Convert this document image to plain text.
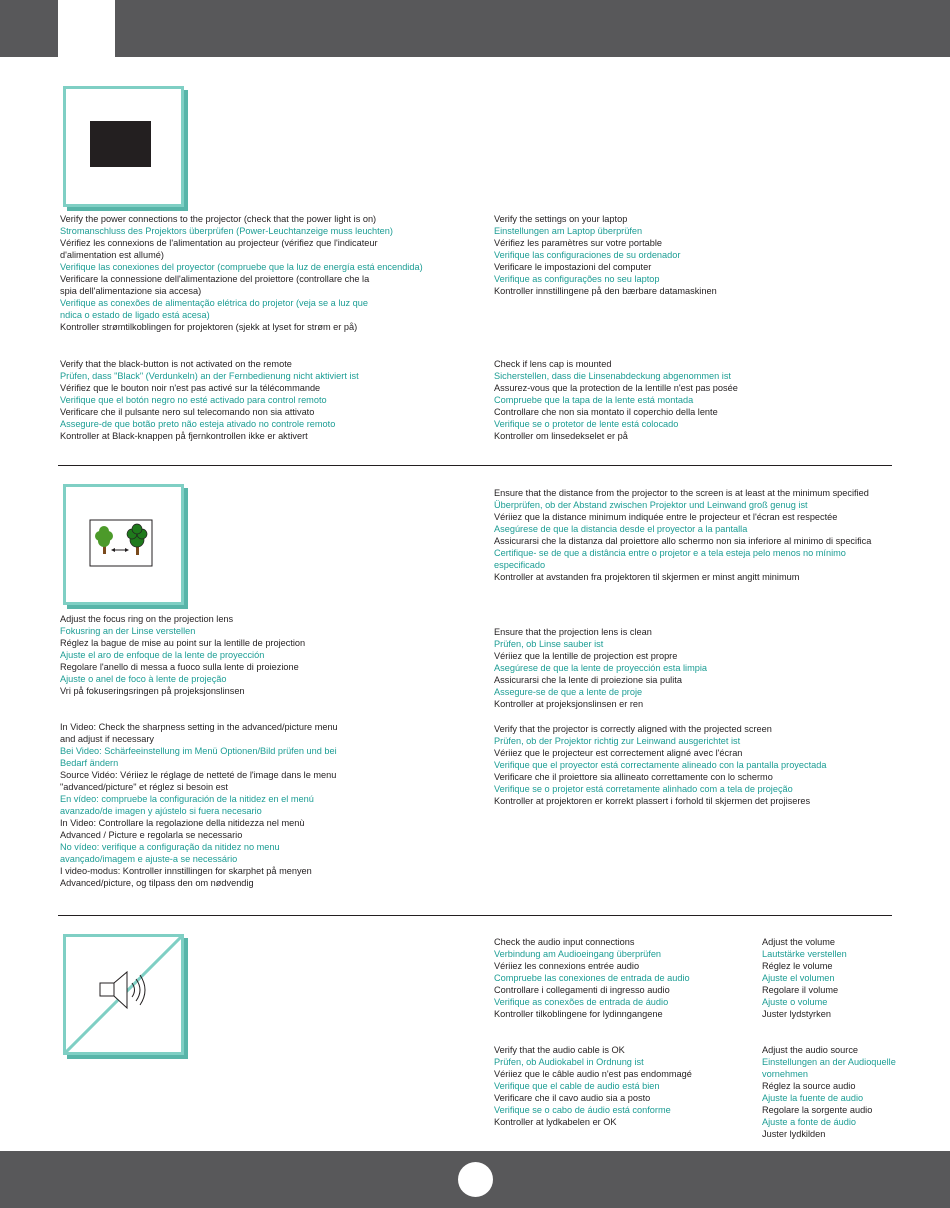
Verify the power connections to the projector (check that the power light is on)
Stromanschluss des Projektors überprüfen (Power-Leuchtanzeige muss leuchten)
Vérifiez les connexions de l'alimentation au projecteur (vérifiez que l'indicateur
d'alimentation est allumé)
Verifique las conexiones del proyector (compruebe que la luz de energía está encendida)
Verificare la connessione dell'alimentazione del proiettore (controllare che la
spia dell'alimentazione sia accesa)
Verifique as conexões de alimentação elétrica do projetor (veja se a luz que
ndica o estado de ligado está acesa)
Kontroller strømtilkoblingen for projektoren (sjekk at lyset for strøm er på)
Verify the settings on your laptop
Einstellungen am Laptop überprüfen
Vérifiez les paramètres sur votre portable
Verifique las configuraciones de su ordenador
Verificare le impostazioni del computer
Verifique as configurações no seu laptop
Kontroller innstillingene på den bærbare datamaskinen
Verify that the black-button is not activated on the remote
Prüfen, dass "Black" (Verdunkeln) an der Fernbedienung nicht aktiviert ist
Vérifiez que le bouton noir n'est pas activé sur la télécommande
Verifique que el botón negro no esté activado para control remoto
Verificare che il pulsante nero sul telecomando non sia attivato
Assegure-de que botão preto não esteja ativado no controle remoto
Kontroller at Black-knappen på fjernkontrollen ikke er aktivert
Check if lens cap is mounted
Sicherstellen, dass die Linsenabdeckung abgenommen ist
Assurez-vous que la protection de la lentille n'est pas posée
Compruebe que la tapa de la lente está montada
Controllare che non sia montato il coperchio della lente
Verifique se o protetor de lente está colocado
Kontroller om linsedekselet er på
Ensure that the distance from the projector to the screen is at least at the minimum specified
Überprüfen, ob der Abstand zwischen Projektor und Leinwand groß genug ist
Vériiez que la distance minimum indiquée entre le projecteur et l'écran est respectée
Asegúrese de que la distancia desde el proyector a la pantalla
Assicurarsi che la distanza dal proiettore allo schermo non sia inferiore al minimo di specifica
Certifique- se de que a distância entre o projetor e a tela esteja pelo menos no mínimo
especificado
Kontroller at avstanden fra projektoren til skjermen er minst angitt minimum
Adjust the focus ring on the projection lens
Fokusring an der Linse verstellen
Réglez la bague de mise au point sur la lentille de projection
Ajuste el aro de enfoque de la lente de proyección
Regolare l'anello di messa a fuoco sulla lente di proiezione
Ajuste o anel de foco à lente de projeção
Vri på fokuseringsringen på projeksjonslinsen
Ensure that the projection lens is clean
Prüfen, ob Linse sauber ist
Vériiez que la lentille de projection est propre
Asegúrese de que la lente de proyección esta limpia
Assicurarsi che la lente di proiezione sia pulita
Assegure-se de que a lente de proje
Kontroller at projeksjonslinsen er ren
In Video: Check the sharpness setting in the advanced/picture menu
and adjust if necessary
Bei Video: Schärfeeinstellung im Menü Optionen/Bild prüfen und bei
Bedarf ändern
Source Vidéo: Vériiez le réglage de netteté de l'image dans le menu
"advanced/picture" et réglez si besoin est
En vídeo: compruebe la configuración de la nitidez en el menú
avanzado/de imagen y ajústelo si fuera necesario
In Video: Controllare la regolazione della nitidezza nel menù
Advanced / Picture e regolarla se necessario
No vídeo: verifique a configuração da nitidez no menu
avançado/imagem e ajuste-a se necessário
I video-modus: Kontroller innstillingen for skarphet på menyen
Advanced/picture, og tilpass den om nødvendig
Verify that the projector is correctly aligned with the projected screen
Prüfen, ob der Projektor richtig zur Leinwand ausgerichtet ist
Vériiez que le projecteur est correctement aligné avec l'écran
Verifique que el proyector está correctamente alineado con la pantalla proyectada
Verificare che il proiettore sia allineato correttamente con lo schermo
Verifique se o projetor está corretamente alinhado com a tela de projeção
Kontroller at projektoren er korrekt plassert i forhold til skjermen det projiseres
Check the audio input connections
Verbindung am Audioeingang überprüfen
Vériiez les connexions entrée audio
Compruebe las conexiones de entrada de audio
Controllare i collegamenti di ingresso audio
Verifique as conexões de entrada de áudio
Kontroller tilkoblingene for lydinngangene
Adjust the volume
Lautstärke verstellen
Réglez le volume
Ajuste el volumen
Regolare il volume
Ajuste o volume
Juster lydstyrken
Verify that the audio cable is OK
Prüfen, ob Audiokabel in Ordnung ist
Vériiez que le câble audio n'est pas endommagé
Verifique que el cable de audio está bien
Verificare che il cavo audio sia a posto
Verifique se o cabo de áudio está conforme
Kontroller at lydkabelen er OK
Adjust the audio source
Einstellungen an der Audioquelle
vornehmen
Réglez la source audio
Ajuste la fuente de audio
Regolare la sorgente audio
Ajuste a fonte de áudio
Juster lydkilden
